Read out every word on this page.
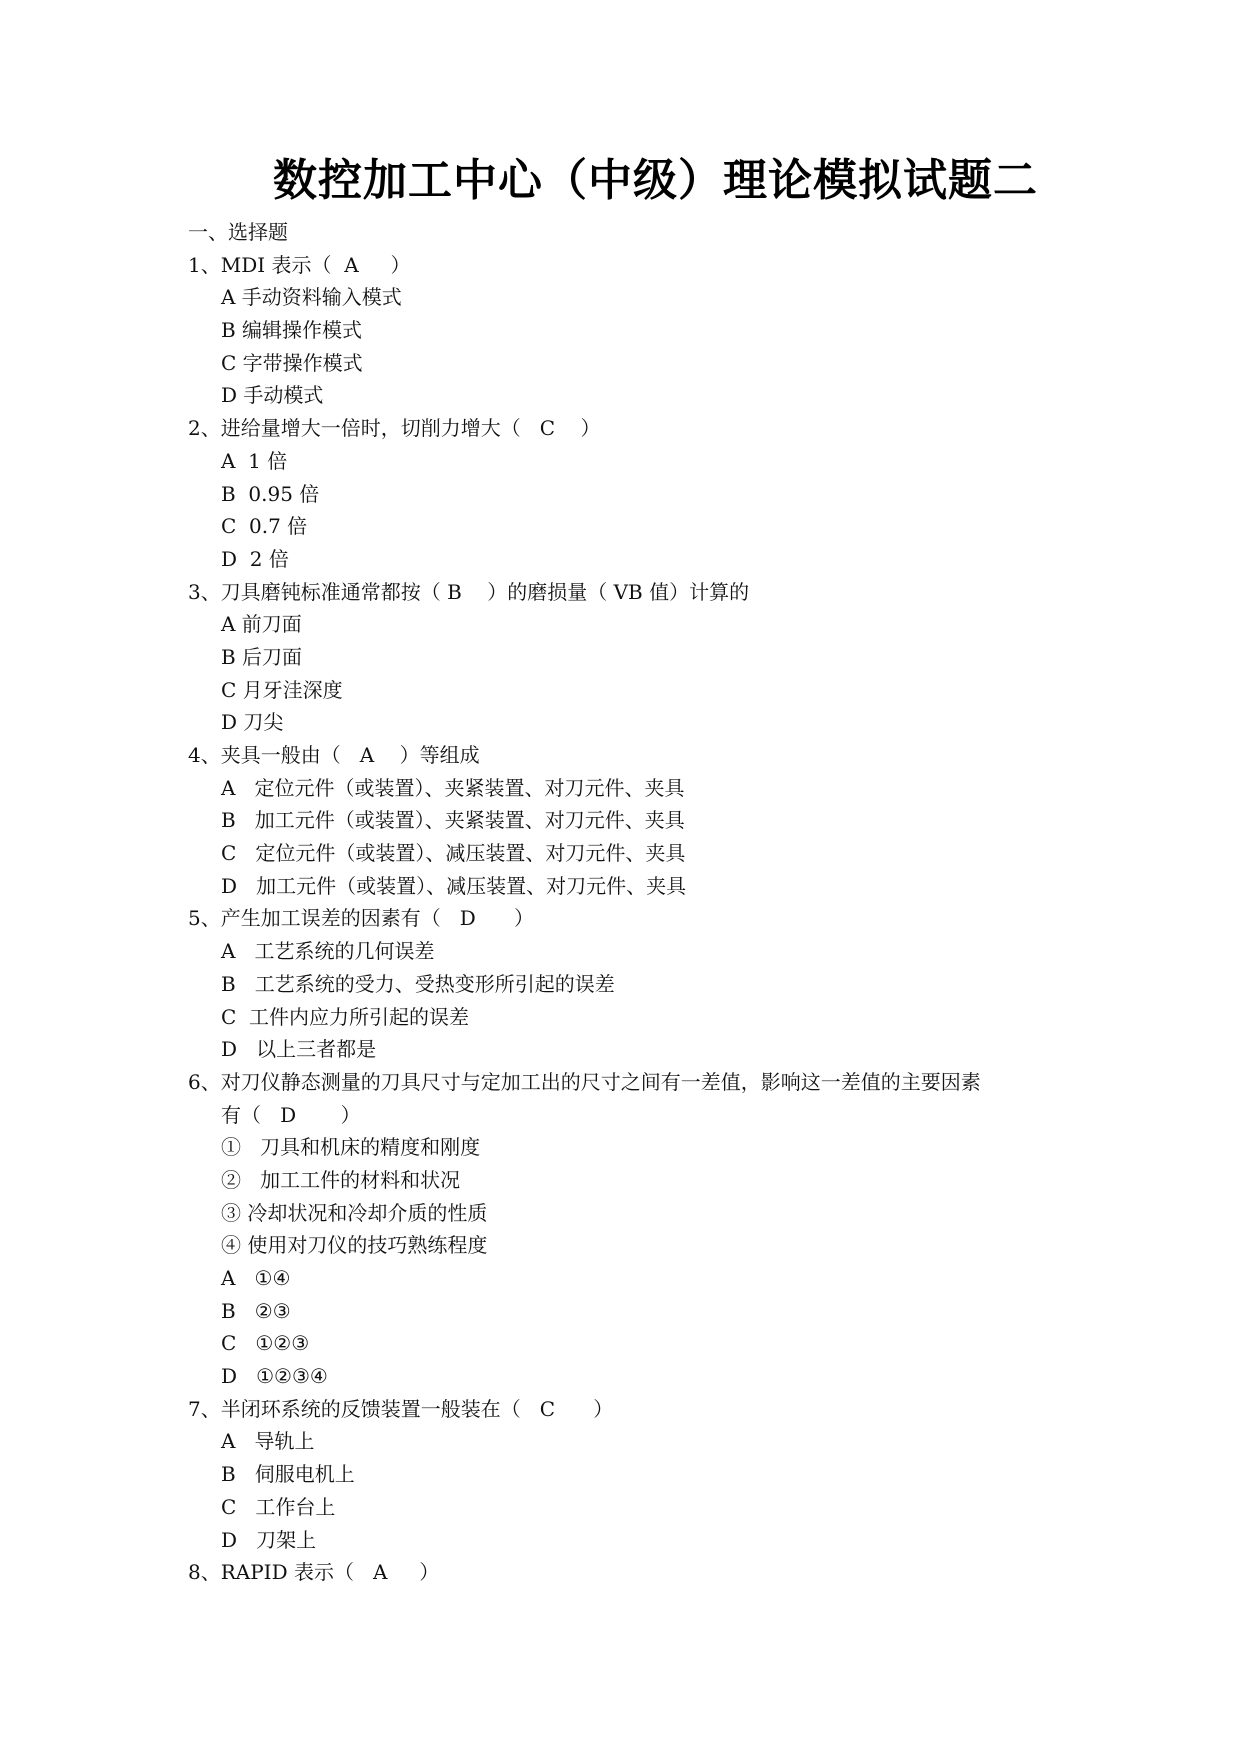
数控加工中心（中级）理论模拟试题二
一、选择题
1、MDI 表示（  A     ）
A 手动资料输入模式
B 编辑操作模式
C 字带操作模式
D 手动模式
2、进给量增大一倍时，切削力增大（   C    ）
A  1 倍
B  0.95 倍
C  0.7 倍
D  2 倍
3、刀具磨钝标准通常都按（ B    ）的磨损量（ VB 值）计算的
A 前刀面
B 后刀面
C 月牙洼深度
D 刀尖
4、夹具一般由（   A    ）等组成
A   定位元件（或装置）、夹紧装置、对刀元件、夹具
B   加工元件（或装置）、夹紧装置、对刀元件、夹具
C   定位元件（或装置）、减压装置、对刀元件、夹具
D   加工元件（或装置）、减压装置、对刀元件、夹具
5、产生加工误差的因素有（   D      ）
A   工艺系统的几何误差
B   工艺系统的受力、受热变形所引起的误差
C  工件内应力所引起的误差
D   以上三者都是
6、对刀仪静态测量的刀具尺寸与定加工出的尺寸之间有一差值，影响这一差值的主要因素
有（   D       ）
①   刀具和机床的精度和刚度
②   加工工件的材料和状况
③ 冷却状况和冷却介质的性质
④ 使用对刀仪的技巧熟练程度
A   ①④
B   ②③
C   ①②③
D   ①②③④
7、半闭环系统的反馈装置一般装在（   C      ）
A   导轨上
B   伺服电机上
C   工作台上
D   刀架上
8、RAPID 表示（   A     ）
